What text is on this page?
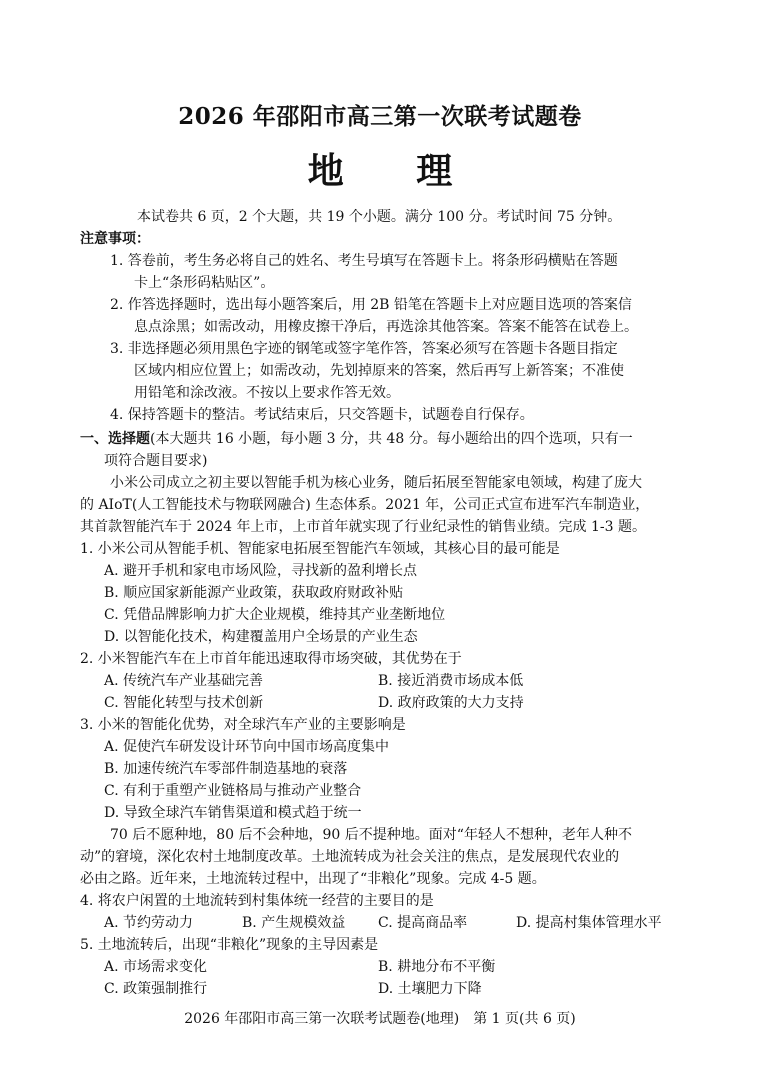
2026 年邵阳市高三第一次联考试题卷
地 理
本试卷共 6 页，2 个大题，共 19 个小题。满分 100 分。考试时间 75 分钟。
注意事项：
1. 答卷前，考生务必将自己的姓名、考生号填写在答题卡上。将条形码横贴在答题
卡上“条形码粘贴区”。
2. 作答选择题时，选出每小题答案后，用 2B 铅笔在答题卡上对应题目选项的答案信
息点涂黑；如需改动，用橡皮擦干净后，再选涂其他答案。答案不能答在试卷上。
3. 非选择题必须用黑色字迹的钢笔或签字笔作答，答案必须写在答题卡各题目指定
区域内相应位置上；如需改动，先划掉原来的答案，然后再写上新答案；不准使
用铅笔和涂改液。不按以上要求作答无效。
4. 保持答题卡的整洁。考试结束后，只交答题卡，试题卷自行保存。
一、选择题(本大题共 16 小题，每小题 3 分，共 48 分。每小题给出的四个选项，只有一
项符合题目要求)
小米公司成立之初主要以智能手机为核心业务，随后拓展至智能家电领域，构建了庞大
的 AIoT(人工智能技术与物联网融合) 生态体系。2021 年，公司正式宣布进军汽车制造业，
其首款智能汽车于 2024 年上市，上市首年就实现了行业纪录性的销售业绩。完成 1-3 题。
1. 小米公司从智能手机、智能家电拓展至智能汽车领域，其核心目的最可能是
A. 避开手机和家电市场风险，寻找新的盈利增长点
B. 顺应国家新能源产业政策，获取政府财政补贴
C. 凭借品牌影响力扩大企业规模，维持其产业垄断地位
D. 以智能化技术，构建覆盖用户全场景的产业生态
2. 小米智能汽车在上市首年能迅速取得市场突破，其优势在于
A. 传统汽车产业基础完善	B. 接近消费市场成本低
C. 智能化转型与技术创新	D. 政府政策的大力支持
3. 小米的智能化优势，对全球汽车产业的主要影响是
A. 促使汽车研发设计环节向中国市场高度集中
B. 加速传统汽车零部件制造基地的衰落
C. 有利于重塑产业链格局与推动产业整合
D. 导致全球汽车销售渠道和模式趋于统一
70 后不愿种地，80 后不会种地，90 后不提种地。面对“年轻人不想种，老年人种不
动”的窘境，深化农村土地制度改革。土地流转成为社会关注的焦点，是发展现代农业的
必由之路。近年来，土地流转过程中，出现了“非粮化”现象。完成 4-5 题。
4. 将农户闲置的土地流转到村集体统一经营的主要目的是
A. 节约劳动力	B. 产生规模效益 C. 提高商品率	D. 提高村集体管理水平
5. 土地流转后，出现“非粮化”现象的主导因素是
A. 市场需求变化	B. 耕地分布不平衡
C. 政策强制推行	D. 土壤肥力下降
2026 年邵阳市高三第一次联考试题卷(地理)　第 1 页(共 6 页)
